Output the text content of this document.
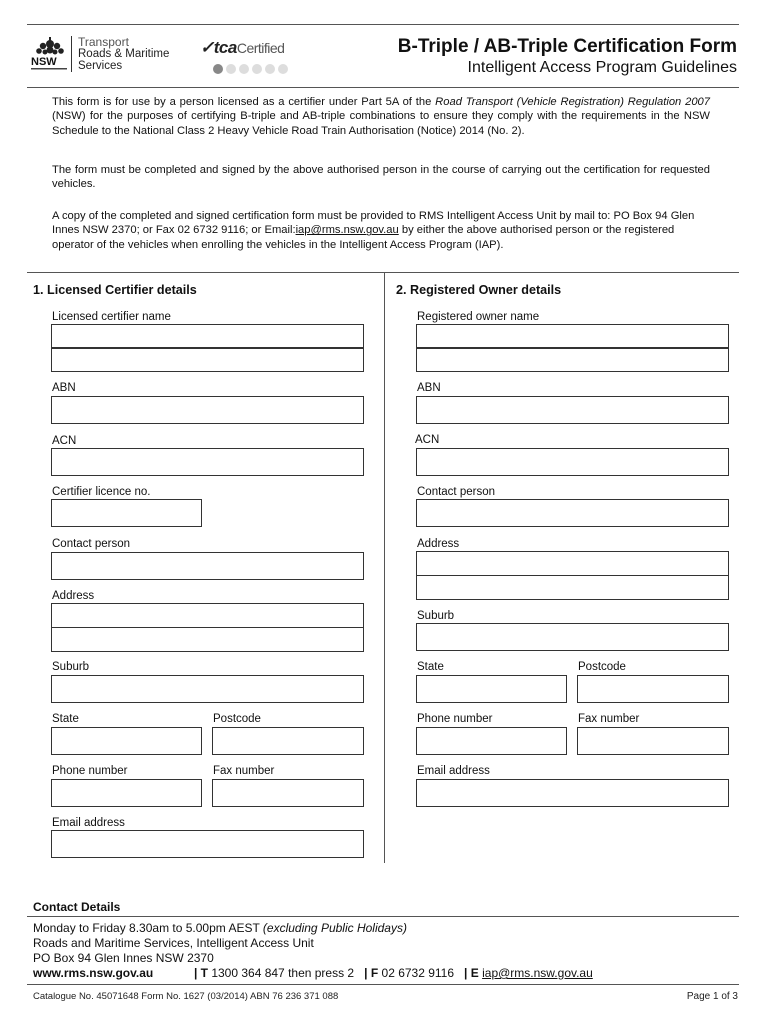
NSW
Transport
Roads & Maritime
Services
✓tcaCertified	B-Triple / AB-Triple Certification Form
Intelligent Access Program Guidelines
This form is for use by a person licensed as a certifier under Part 5A of the Road Transport (Vehicle Registration) Regulation 2007 (NSW) for the purposes of certifying B-triple and AB-triple combinations to ensure they comply with the requirements in the NSW Schedule to the National Class 2 Heavy Vehicle Road Train Authorisation (Notice) 2014 (No. 2).
The form must be completed and signed by the above authorised person in the course of carrying out the certification for requested vehicles.
A copy of the completed and signed certification form must be provided to RMS Intelligent Access Unit by mail to: PO Box 94 Glen Innes NSW 2370; or Fax 02 6732 9116; or Email:iap@rms.nsw.gov.au by either the above authorised person or the registered operator of the vehicles when enrolling the vehicles in the Intelligent Access Program (IAP).
1. Licensed Certifier details
Licensed certifier name
ABN
ACN
Certifier licence no.
Contact person
Address
Suburb
State	Postcode
Phone number	Fax number
Email address
2. Registered Owner details
Registered owner name
ABN
ACN
Contact person
Address
Suburb
State	Postcode
Phone number	Fax number
Email address
Contact Details
Monday to Friday 8.30am to 5.00pm AEST (excluding Public Holidays)
Roads and Maritime Services, Intelligent Access Unit
PO Box 94 Glen Innes NSW 2370
www.rms.nsw.gov.au	| T 1300 364 847 then press 2 | F 02 6732 9116 | E iap@rms.nsw.gov.au
Catalogue No. 45071648 Form No. 1627 (03/2014) ABN 76 236 371 088	Page 1 of 3
